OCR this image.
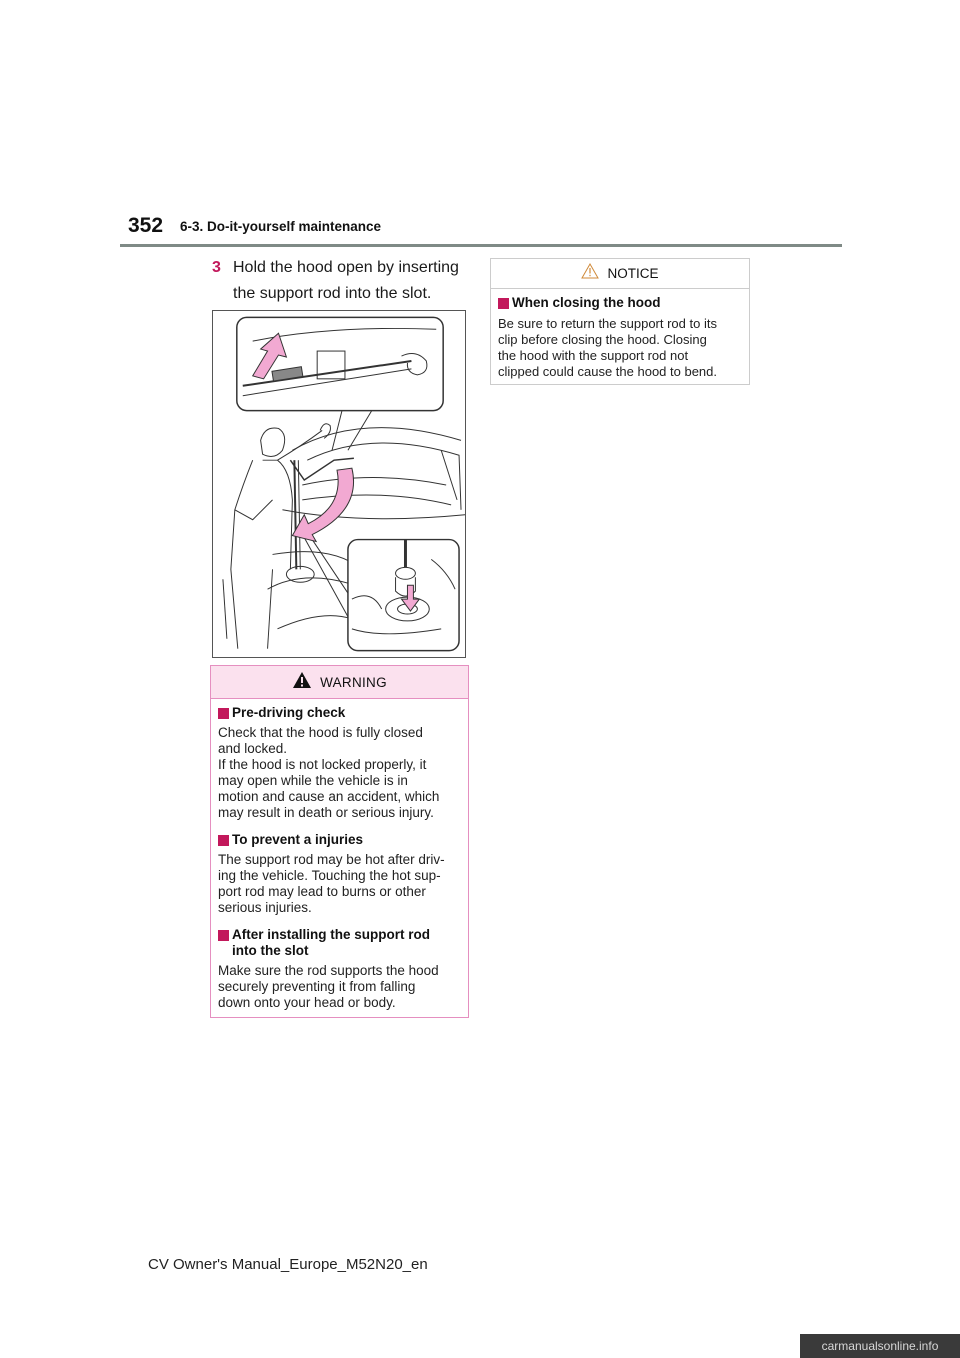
352 6-3. Do-it-yourself maintenance
3 Hold the hood open by inserting the support rod into the slot.
WARNING
Pre-driving check
Check that the hood is fully closed
and locked.
If the hood is not locked properly, it
may open while the vehicle is in
motion and cause an accident, which
may result in death or serious injury.
To prevent a injuries
The support rod may be hot after driv-
ing the vehicle. Touching the hot sup-
port rod may lead to burns or other
serious injuries.
After installing the support rod
into the slot
Make sure the rod supports the hood
securely preventing it from falling
down onto your head or body.
NOTICE
When closing the hood
Be sure to return the support rod to its
clip before closing the hood. Closing
the hood with the support rod not
clipped could cause the hood to bend.
CV Owner's Manual_Europe_M52N20_en
carmanualsonline.info
